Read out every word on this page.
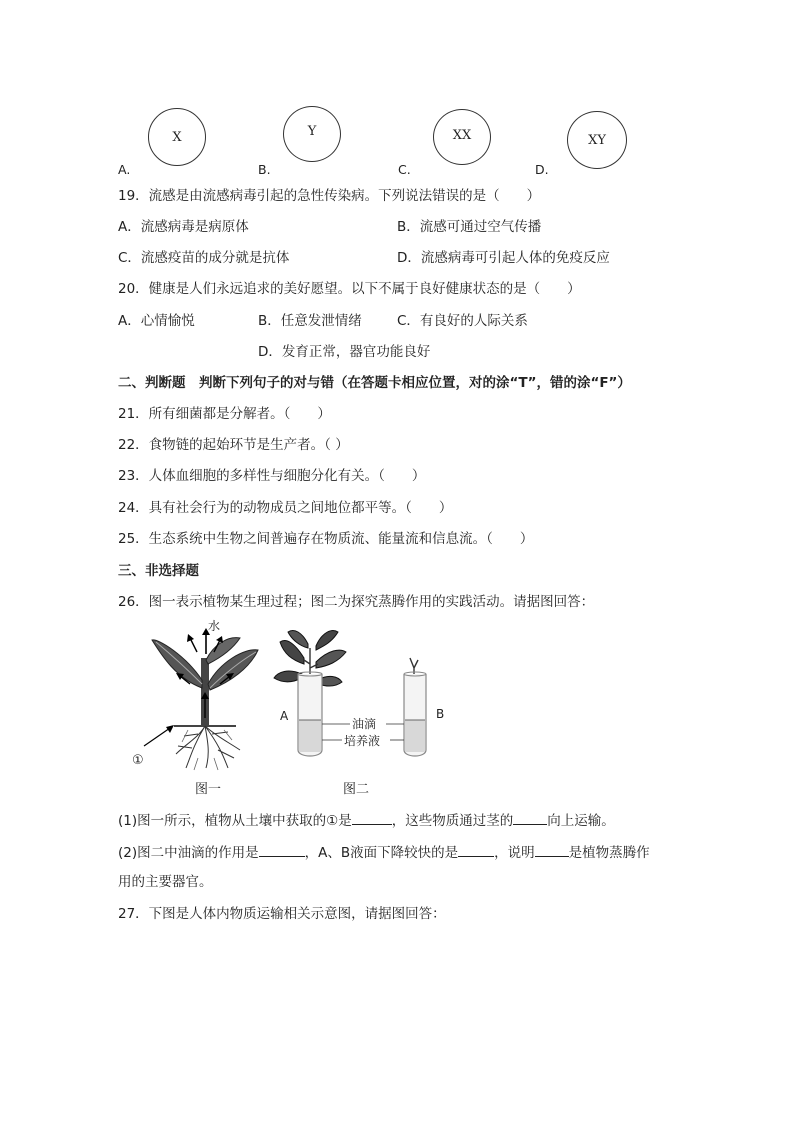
X
A.
Y
B.
XX
C.
XY
D.
19．流感是由流感病毒引起的急性传染病。下列说法错误的是（　　）
A．流感病毒是病原体	B．流感可通过空气传播
C．流感疫苗的成分就是抗体	D．流感病毒可引起人体的免疫反应
20．健康是人们永远追求的美好愿望。以下不属于良好健康状态的是（　　）
A．心情愉悦	B．任意发泄情绪	C．有良好的人际关系
D．发育正常，器官功能良好
二、判断题　判断下列句子的对与错（在答题卡相应位置，对的涂“T”，错的涂“F”）
21．所有细菌都是分解者。（　　）
22．食物链的起始环节是生产者。（ ）
23．人体血细胞的多样性与细胞分化有关。（　　）
24．具有社会行为的动物成员之间地位都平等。（　　）
25．生态系统中生物之间普遍存在物质流、能量流和信息流。（　　）
三、非选择题
26．图一表示植物某生理过程；图二为探究蒸腾作用的实践活动。请据图回答：
水
①
图一
A	B
油滴
培养液
图二
(1)图一所示，植物从土壤中获取的①是	，这些物质通过茎的	向上运输。
(2)图二中油滴的作用是	，A、B液面下降较快的是	，说明	是植物蒸腾作
用的主要器官。
27．下图是人体内物质运输相关示意图，请据图回答：
